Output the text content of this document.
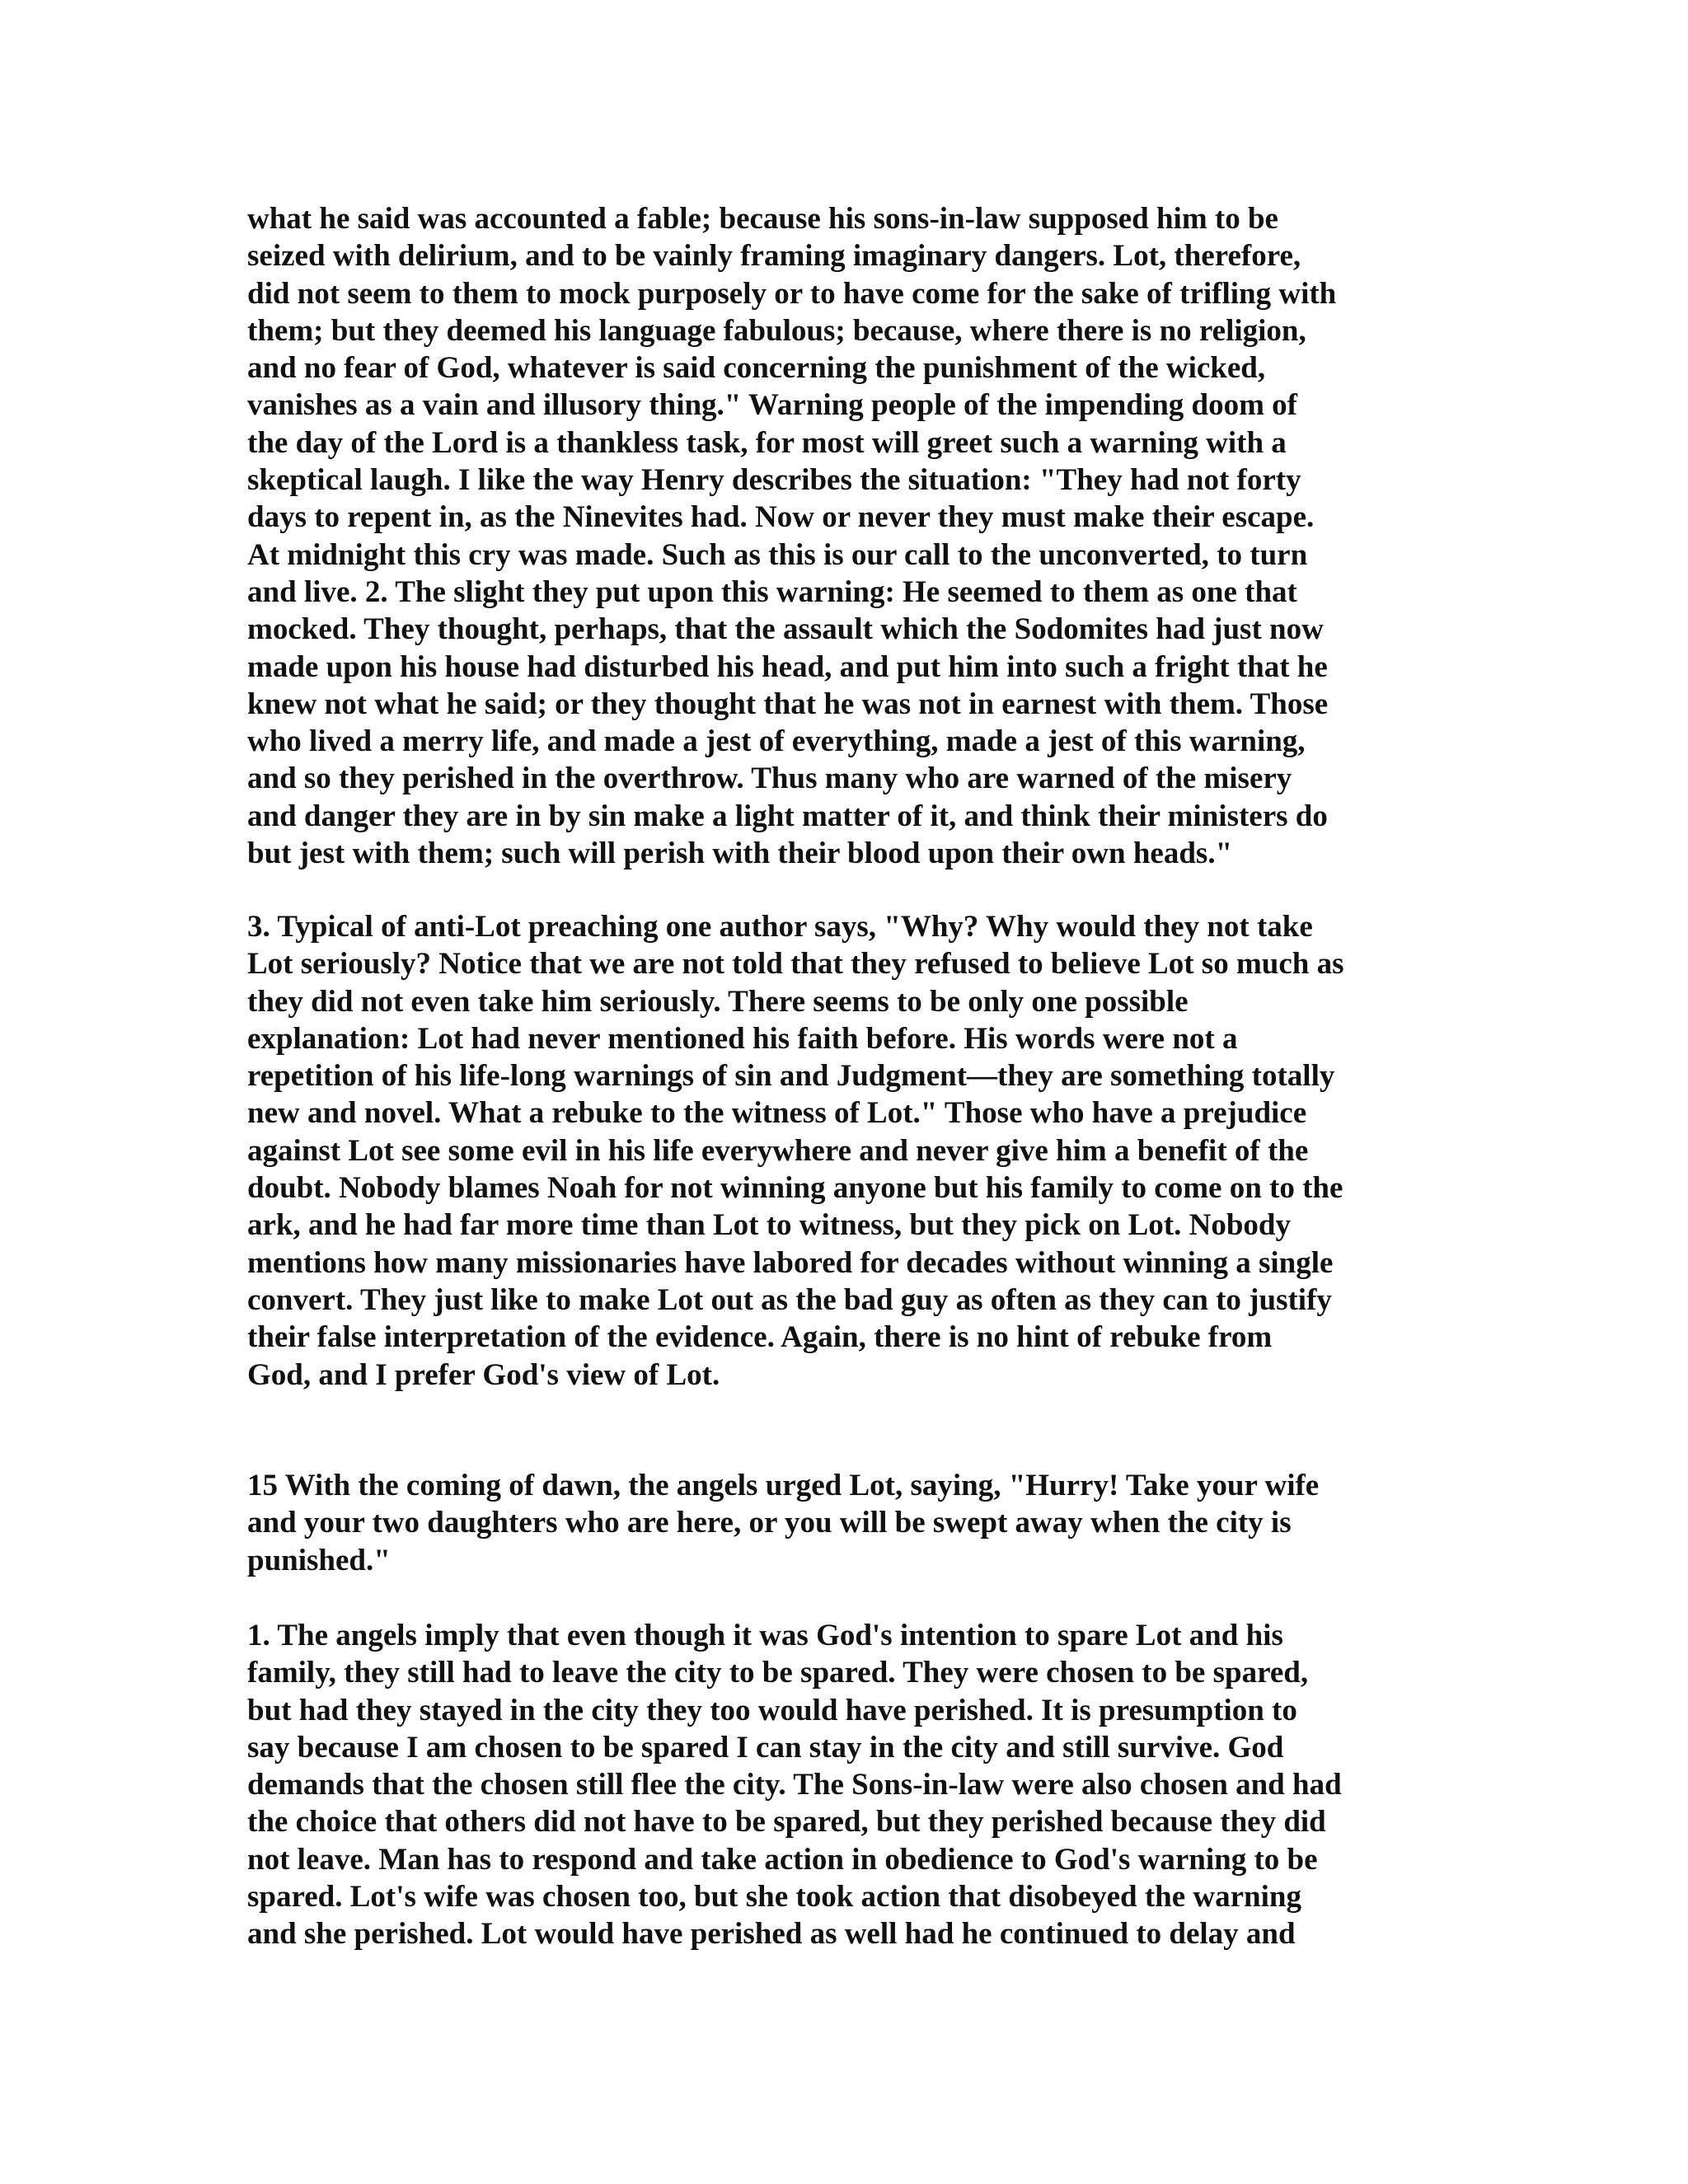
what he said was accounted a fable; because his sons-in-law supposed him to be
seized with delirium, and to be vainly framing imaginary dangers. Lot, therefore,
did not seem to them to mock purposely or to have come for the sake of trifling with
them; but they deemed his language fabulous; because, where there is no religion,
and no fear of God, whatever is said concerning the punishment of the wicked,
vanishes as a vain and illusory thing." Warning people of the impending doom of
the day of the Lord is a thankless task, for most will greet such a warning with a
skeptical laugh. I like the way Henry describes the situation: "They had not forty
days to repent in, as the Ninevites had. Now or never they must make their escape.
At midnight this cry was made. Such as this is our call to the unconverted, to turn
and live. 2. The slight they put upon this warning: He seemed to them as one that
mocked. They thought, perhaps, that the assault which the Sodomites had just now
made upon his house had disturbed his head, and put him into such a fright that he
knew not what he said; or they thought that he was not in earnest with them. Those
who lived a merry life, and made a jest of everything, made a jest of this warning,
and so they perished in the overthrow. Thus many who are warned of the misery
and danger they are in by sin make a light matter of it, and think their ministers do
but jest with them; such will perish with their blood upon their own heads."
3. Typical of anti-Lot preaching one author says, "Why? Why would they not take
Lot seriously? Notice that we are not told that they refused to believe Lot so much as
they did not even take him seriously. There seems to be only one possible
explanation: Lot had never mentioned his faith before. His words were not a
repetition of his life-long warnings of sin and Judgment—they are something totally
new and novel. What a rebuke to the witness of Lot." Those who have a prejudice
against Lot see some evil in his life everywhere and never give him a benefit of the
doubt. Nobody blames Noah for not winning anyone but his family to come on to the
ark, and he had far more time than Lot to witness, but they pick on Lot. Nobody
mentions how many missionaries have labored for decades without winning a single
convert. They just like to make Lot out as the bad guy as often as they can to justify
their false interpretation of the evidence. Again, there is no hint of rebuke from
God, and I prefer God's view of Lot.
15 With the coming of dawn, the angels urged Lot, saying, "Hurry! Take your wife
and your two daughters who are here, or you will be swept away when the city is
punished."
1. The angels imply that even though it was God's intention to spare Lot and his
family, they still had to leave the city to be spared. They were chosen to be spared,
but had they stayed in the city they too would have perished. It is presumption to
say because I am chosen to be spared I can stay in the city and still survive. God
demands that the chosen still flee the city. The Sons-in-law were also chosen and had
the choice that others did not have to be spared, but they perished because they did
not leave. Man has to respond and take action in obedience to God's warning to be
spared. Lot's wife was chosen too, but she took action that disobeyed the warning
and she perished. Lot would have perished as well had he continued to delay and
